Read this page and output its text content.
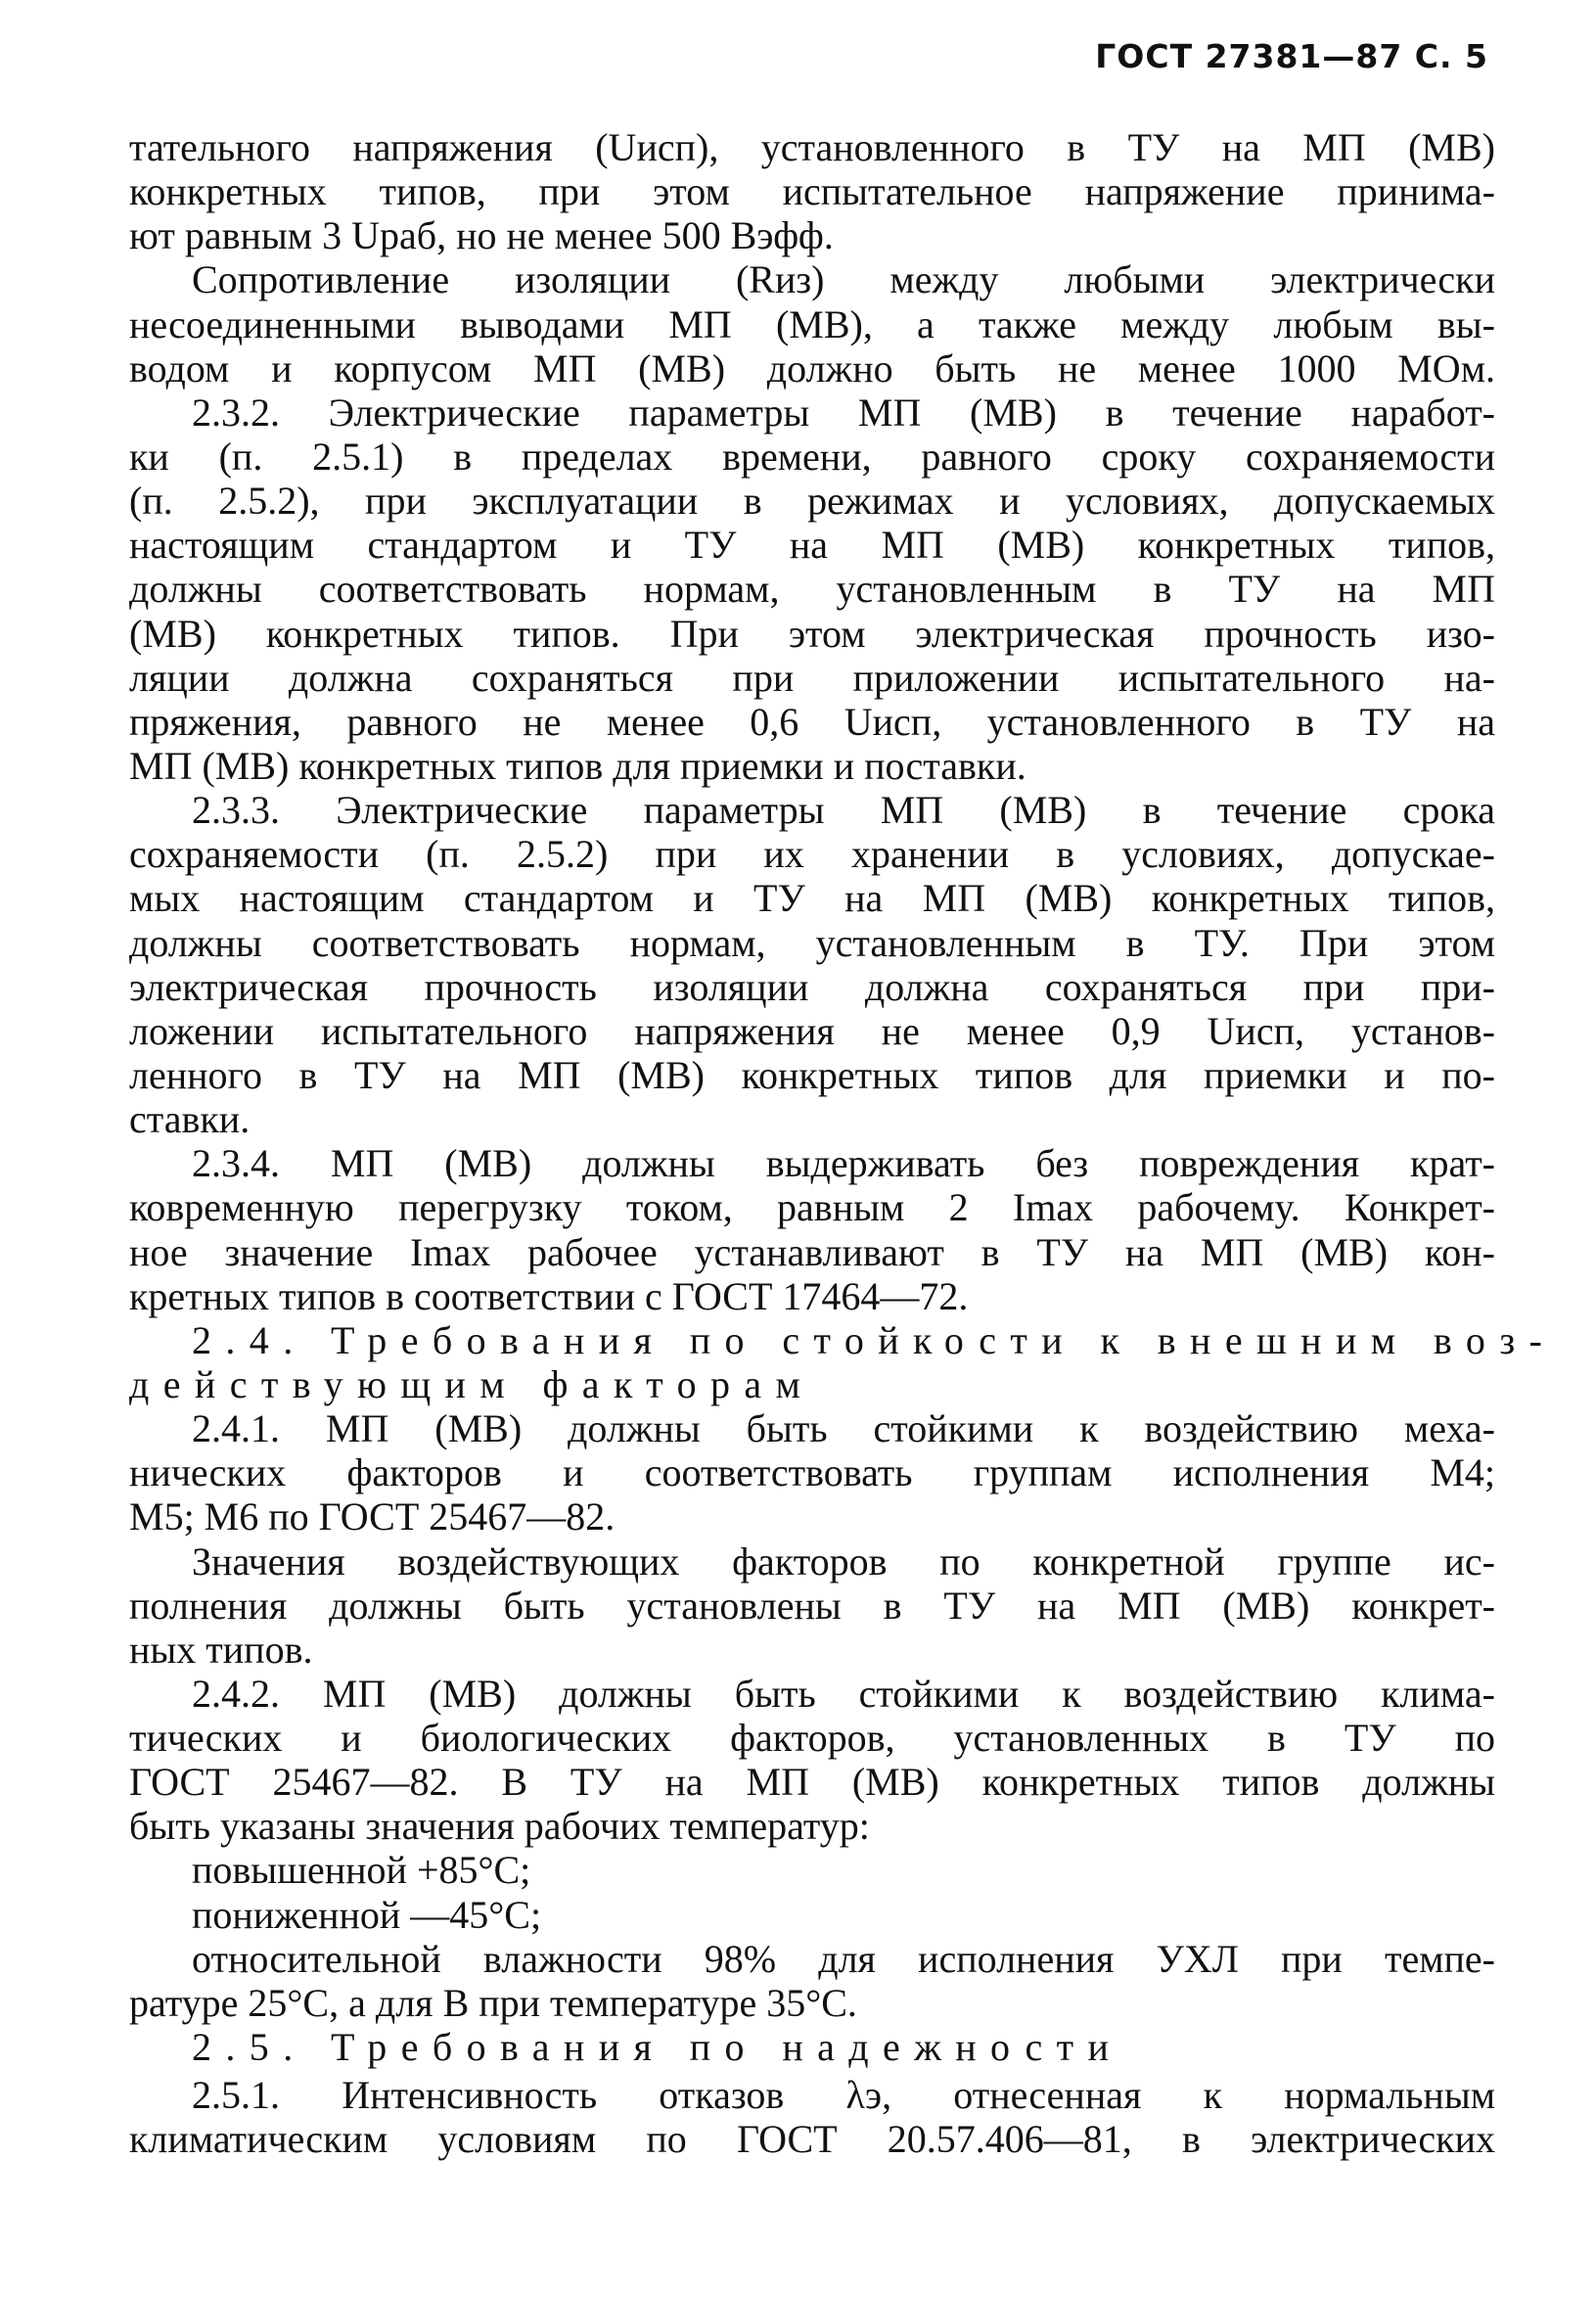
ГОСТ 27381—87 С. 5
тательного напряжения (Uисп), установленного в ТУ на МП (МВ)
конкретных типов, при этом испытательное напряжение принима-
ют равным 3 Uраб, но не менее 500 Вэфф.
Сопротивление изоляции (Rиз) между любыми электрически
несоединенными выводами МП (МВ), а также между любым вы-
водом и корпусом МП (МВ) должно быть не менее 1000 МОм.
2.3.2. Электрические параметры МП (МВ) в течение наработ-
ки (п. 2.5.1) в пределах времени, равного сроку сохраняемости
(п. 2.5.2), при эксплуатации в режимах и условиях, допускаемых
настоящим стандартом и ТУ на МП (МВ) конкретных типов,
должны соответствовать нормам, установленным в ТУ на МП
(МВ) конкретных типов. При этом электрическая прочность изо-
ляции должна сохраняться при приложении испытательного на-
пряжения, равного не менее 0,6 Uисп, установленного в ТУ на
МП (МВ) конкретных типов для приемки и поставки.
2.3.3. Электрические параметры МП (МВ) в течение срока
сохраняемости (п. 2.5.2) при их хранении в условиях, допускае-
мых настоящим стандартом и ТУ на МП (МВ) конкретных типов,
должны соответствовать нормам, установленным в ТУ. При этом
электрическая прочность изоляции должна сохраняться при при-
ложении испытательного напряжения не менее 0,9 Uисп, установ-
ленного в ТУ на МП (МВ) конкретных типов для приемки и по-
ставки.
2.3.4. МП (МВ) должны выдерживать без повреждения крат-
ковременную перегрузку током, равным 2 Imax рабочему. Конкрет-
ное значение Imax рабочее устанавливают в ТУ на МП (МВ) кон-
кретных типов в соответствии с ГОСТ 17464—72.
2.4. Требования по стойкости к внешним воз-
действующим факторам
2.4.1. МП (МВ) должны быть стойкими к воздействию меха-
нических факторов и соответствовать группам исполнения М4;
М5; М6 по ГОСТ 25467—82.
Значения воздействующих факторов по конкретной группе ис-
полнения должны быть установлены в ТУ на МП (МВ) конкрет-
ных типов.
2.4.2. МП (МВ) должны быть стойкими к воздействию клима-
тических и биологических факторов, установленных в ТУ по
ГОСТ 25467—82. В ТУ на МП (МВ) конкретных типов должны
быть указаны значения рабочих температур:
повышенной +85°С;
пониженной —45°С;
относительной влажности 98% для исполнения УХЛ при темпе-
ратуре 25°С, а для В при температуре 35°С.
2.5. Требования по надежности
2.5.1. Интенсивность отказов λэ, отнесенная к нормальным
климатическим условиям по ГОСТ 20.57.406—81, в электрических
